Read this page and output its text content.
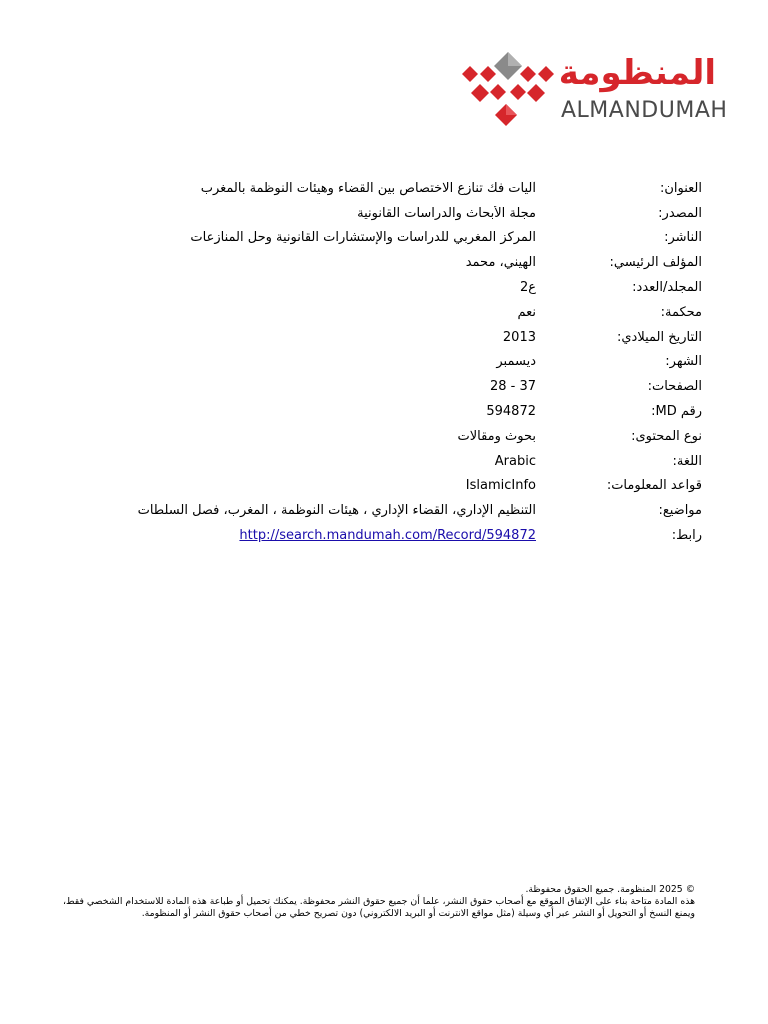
المنظومة
ALMANDUMAH
العنوان:
آليات فك تنازع الاختصاص بين القضاء وهيئات النوظمة بالمغرب
المصدر:
مجلة الأبحاث والدراسات القانونية
الناشر:
المركز المغربي للدراسات والإستشارات القانونية وحل المنازعات
المؤلف الرئيسي:
الهيني، محمد
المجلد/العدد:
ع2
محكمة:
نعم
التاريخ الميلادي:
2013
الشهر:
ديسمبر
الصفحات:
28 - 37
رقم MD:
594872
نوع المحتوى:
بحوث ومقالات
اللغة:
Arabic
قواعد المعلومات:
IslamicInfo
مواضيع:
التنظيم الإداري، القضاء الإداري ، هيئات النوظمة ، المغرب، فصل السلطات
رابط:
http://search.mandumah.com/Record/594872

© 2025 المنظومة. جميع الحقوق محفوظة.

هذه المادة متاحة بناء على الإتفاق الموقع مع أصحاب حقوق النشر، علما أن جميع حقوق النشر محفوظة. يمكنك تحميل أو طباعة هذه المادة للاستخدام الشخصي فقط، ويمنع النسخ أو التحويل أو النشر عبر أي وسيلة (مثل مواقع الانترنت أو البريد الالكتروني) دون تصريح خطي من أصحاب حقوق النشر أو المنظومة.
